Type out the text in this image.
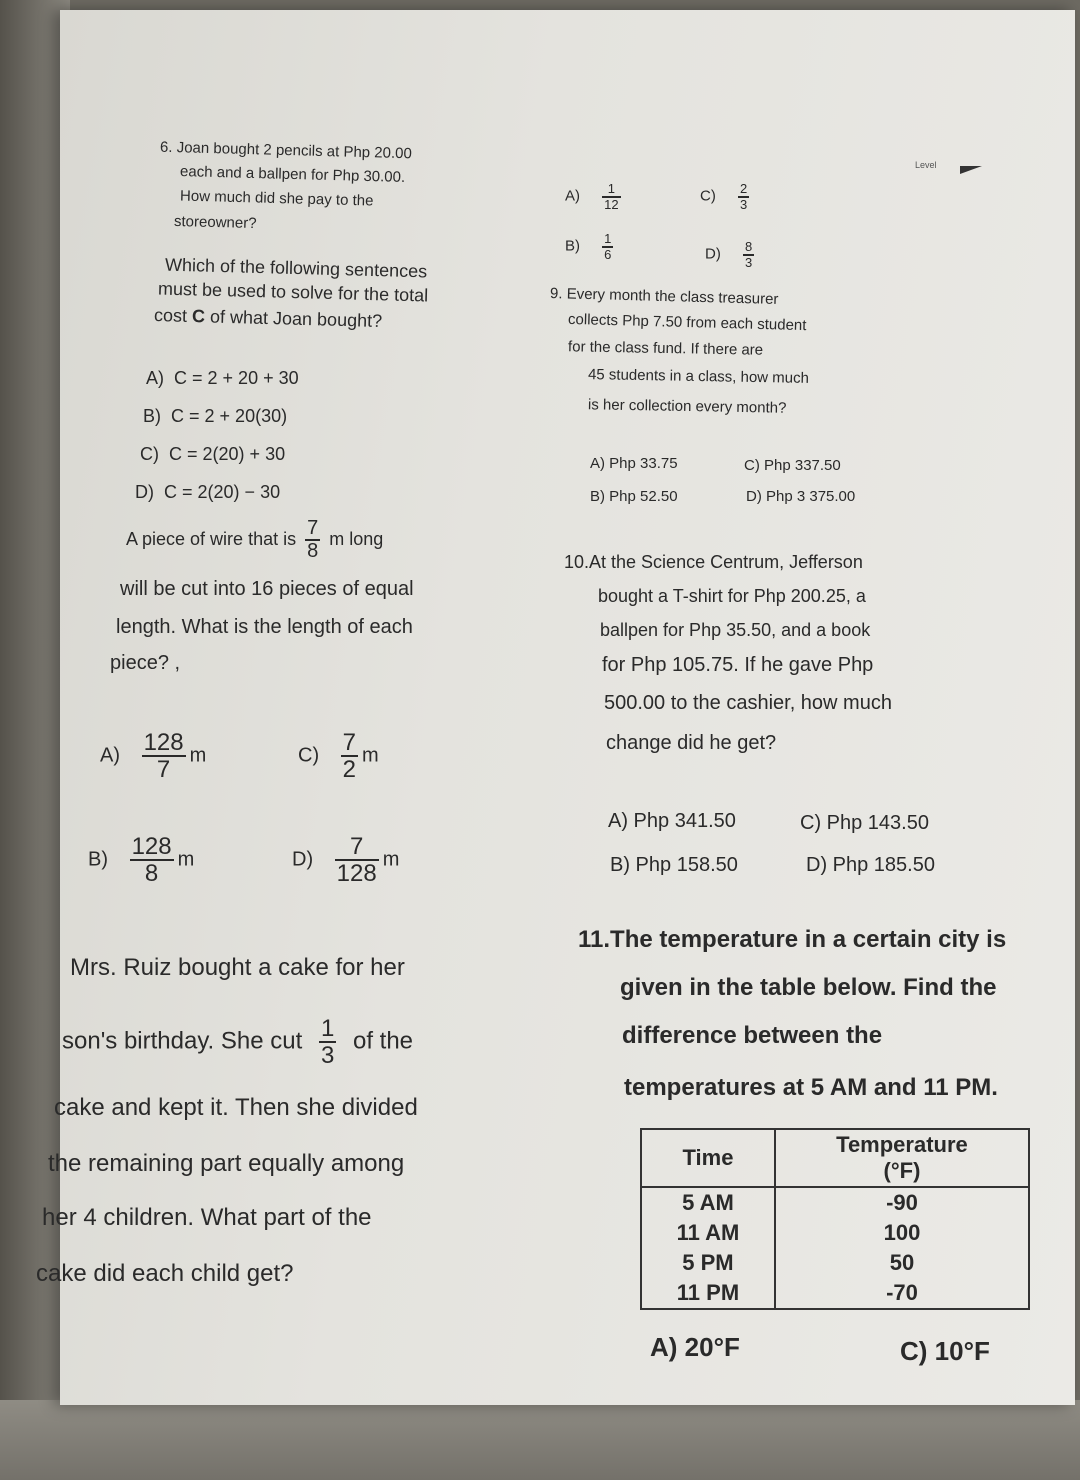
Level
6. Joan bought 2 pencils at Php 20.00
each and a ballpen for Php 30.00.
How much did she pay to the
storeowner?
$A) \frac{1}{12}$	$C) \frac{2}{3}$
$B) \frac{1}{6}$	$D) \frac{8}{3}$
Which of the following sentences
must be used to solve for the total
cost C of what Joan bought?
A) C = 2 + 20 + 30
B) C = 2 + 20(30)
C) C = 2(20) + 30
D) C = 2(20) − 30
9. Every month the class treasurer
collects Php 7.50 from each student
for the class fund. If there are
45 students in a class, how much
is her collection every month?
A) Php 33.75	C) Php 337.50
B) Php 52.50	D) Php 3 375.00
A piece of wire that is $\frac{7}{8}$ m long
will be cut into 16 pieces of equal
length. What is the length of each
piece? ,
$A) \frac{128}{7}$ m	$C) \frac{7}{2}$ m
$B) \frac{128}{8}$ m	$D) \frac{7}{128}$ m
10.At the Science Centrum, Jefferson
bought a T-shirt for Php 200.25, a
ballpen for Php 35.50, and a book
for Php 105.75. If he gave Php
500.00 to the cashier, how much
change did he get?
A) Php 341.50	C) Php 143.50
B) Php 158.50	D) Php 185.50
Mrs. Ruiz bought a cake for her
son's birthday. She cut $\frac{1}{3}$ of the
cake and kept it. Then she divided
the remaining part equally among
her 4 children. What part of the
cake did each child get?
11.The temperature in a certain city is
given in the table below. Find the
difference between the
temperatures at 5 AM and 11 PM.
Time	Temperature
(°F)
5 AM	-90
11 AM	100
5 PM	50
11 PM	-70
A) 20°F	C) 10°F
